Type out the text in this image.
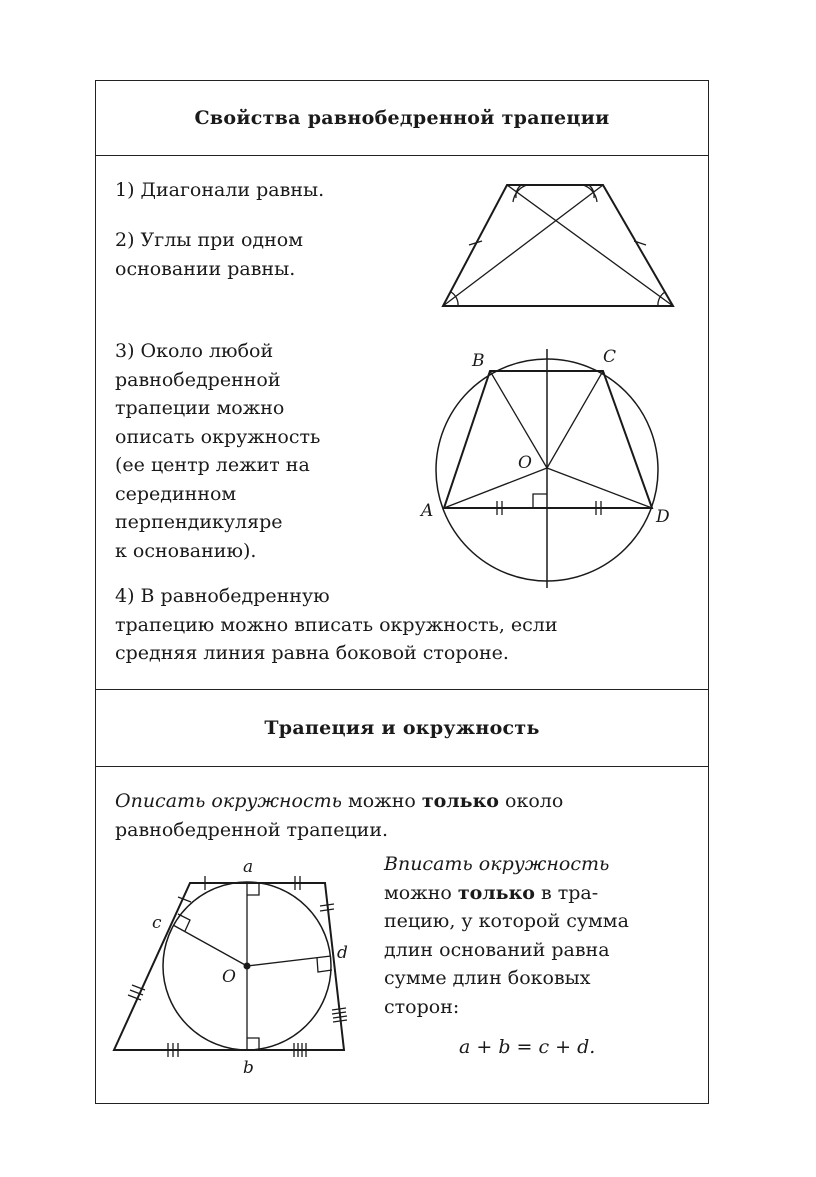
Свойства равнобедренной трапеции
1) Диагонали равны.
2) Углы при одном
основании равны.
3) Около любой
равнобедренной
трапеции можно
описать окружность
(ее центр лежит на
серединном
перпендикуляре
к основанию).
4) В равнобедренную
трапецию можно вписать окружность, если
средняя линия равна боковой стороне.
Трапеция и окружность
Описать окружность можно только около
равнобедренной трапеции.
Вписать окружность
можно только в тра-
пецию, у которой сумма
длин оснований равна
сумме длин боковых
сторон:
a + b = c + d.
B	C
O
A	D
a
b
c
d
O
